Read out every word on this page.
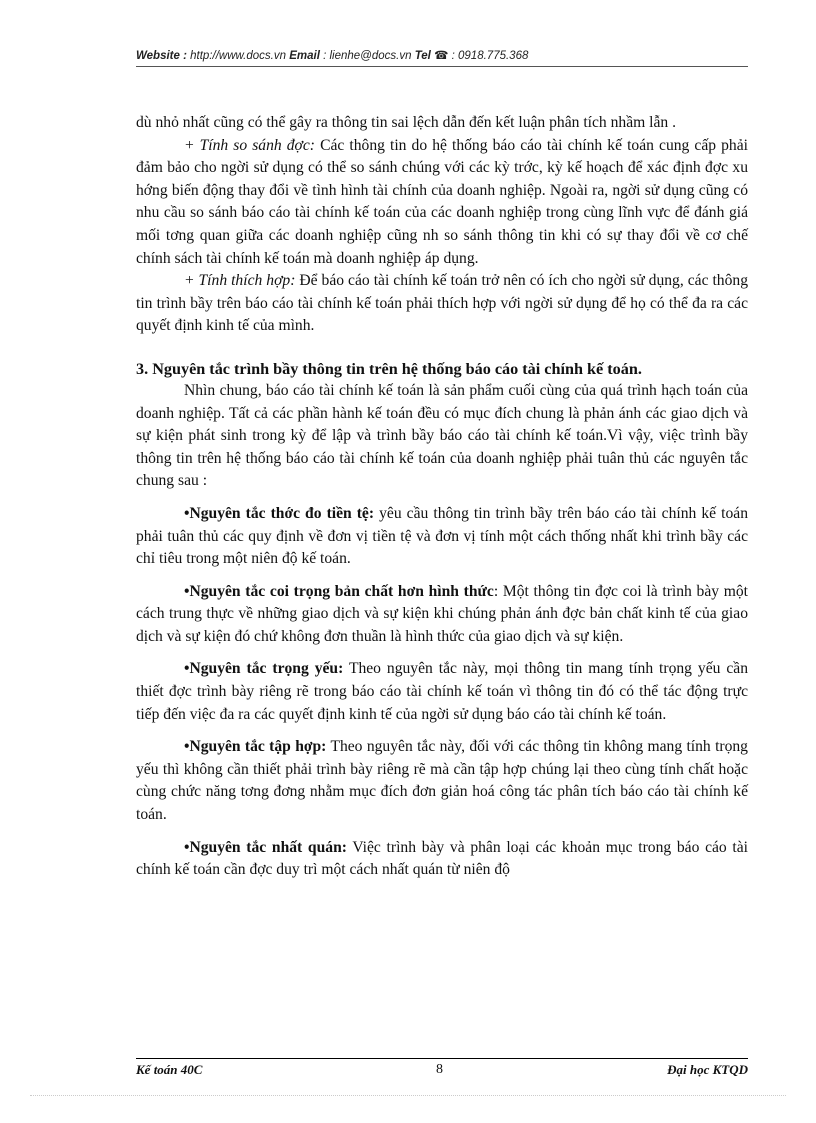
Website : http://www.docs.vn Email : lienhe@docs.vn Tel ☎ : 0918.775.368

dù nhỏ nhất cũng có thể gây ra thông tin sai lệch dẫn đến kết luận phân tích nhầm lẫn .

+ Tính so sánh đợc: Các thông tin do hệ thống báo cáo tài chính kế toán cung cấp phải đảm bảo cho ngời sử dụng có thể so sánh chúng với các kỳ trớc, kỳ kế hoạch để xác định đợc xu hớng biến động thay đổi về tình hình tài chính của doanh nghiệp. Ngoài ra, ngời sử dụng cũng có nhu cầu so sánh báo cáo tài chính kế toán của các doanh nghiệp trong cùng lĩnh vực để đánh giá mối tơng quan giữa các doanh nghiệp cũng nh so sánh thông tin khi có sự thay đổi về cơ chế chính sách tài chính kế toán mà doanh nghiệp áp dụng.

+ Tính thích hợp: Để báo cáo tài chính kế toán trở nên có ích cho ngời sử dụng, các thông tin trình bầy trên báo cáo tài chính kế toán phải thích hợp với ngời sử dụng để họ có thể đa ra các quyết định kinh tế của mình.

3. Nguyên tắc trình bầy thông tin trên hệ thống báo cáo tài chính kế toán.

Nhìn chung, báo cáo tài chính kế toán là sản phẩm cuối cùng của quá trình hạch toán của doanh nghiệp. Tất cả các phần hành kế toán đều có mục đích chung là phản ánh các giao dịch và sự kiện phát sinh trong kỳ để lập và trình bầy báo cáo tài chính kế toán.Vì vậy, việc trình bầy thông tin trên hệ thống báo cáo tài chính kế toán của doanh nghiệp phải tuân thủ các nguyên tắc chung sau :

•Nguyên tắc thớc đo tiền tệ: yêu cầu thông tin trình bầy trên báo cáo tài chính kế toán phải tuân thủ các quy định về đơn vị tiền tệ và đơn vị tính một cách thống nhất khi trình bầy các chỉ tiêu trong một niên độ kế toán.

•Nguyên tắc coi trọng bản chất hơn hình thức: Một thông tin đợc coi là trình bày một cách trung thực về những giao dịch và sự kiện khi chúng phản ánh đợc bản chất kinh tế của giao dịch và sự kiện đó chứ không đơn thuần là hình thức của giao dịch và sự kiện.

•Nguyên tắc trọng yếu: Theo nguyên tắc này, mọi thông tin mang tính trọng yếu cần thiết đợc trình bày riêng rẽ trong báo cáo tài chính kế toán vì thông tin đó có thể tác động trực tiếp đến việc đa ra các quyết định kinh tế của ngời sử dụng báo cáo tài chính kế toán.

•Nguyên tắc tập hợp: Theo nguyên tắc này, đối với các thông tin không mang tính trọng yếu thì không cần thiết phải trình bày riêng rẽ mà cần tập hợp chúng lại theo cùng tính chất hoặc cùng chức năng tơng đơng nhằm mục đích đơn giản hoá công tác phân tích báo cáo tài chính kế toán.

•Nguyên tắc nhất quán: Việc trình bày và phân loại các khoản mục trong báo cáo tài chính kế toán cần đợc duy trì một cách nhất quán từ niên độ

Kế toán 40C	8	Đại học KTQD
